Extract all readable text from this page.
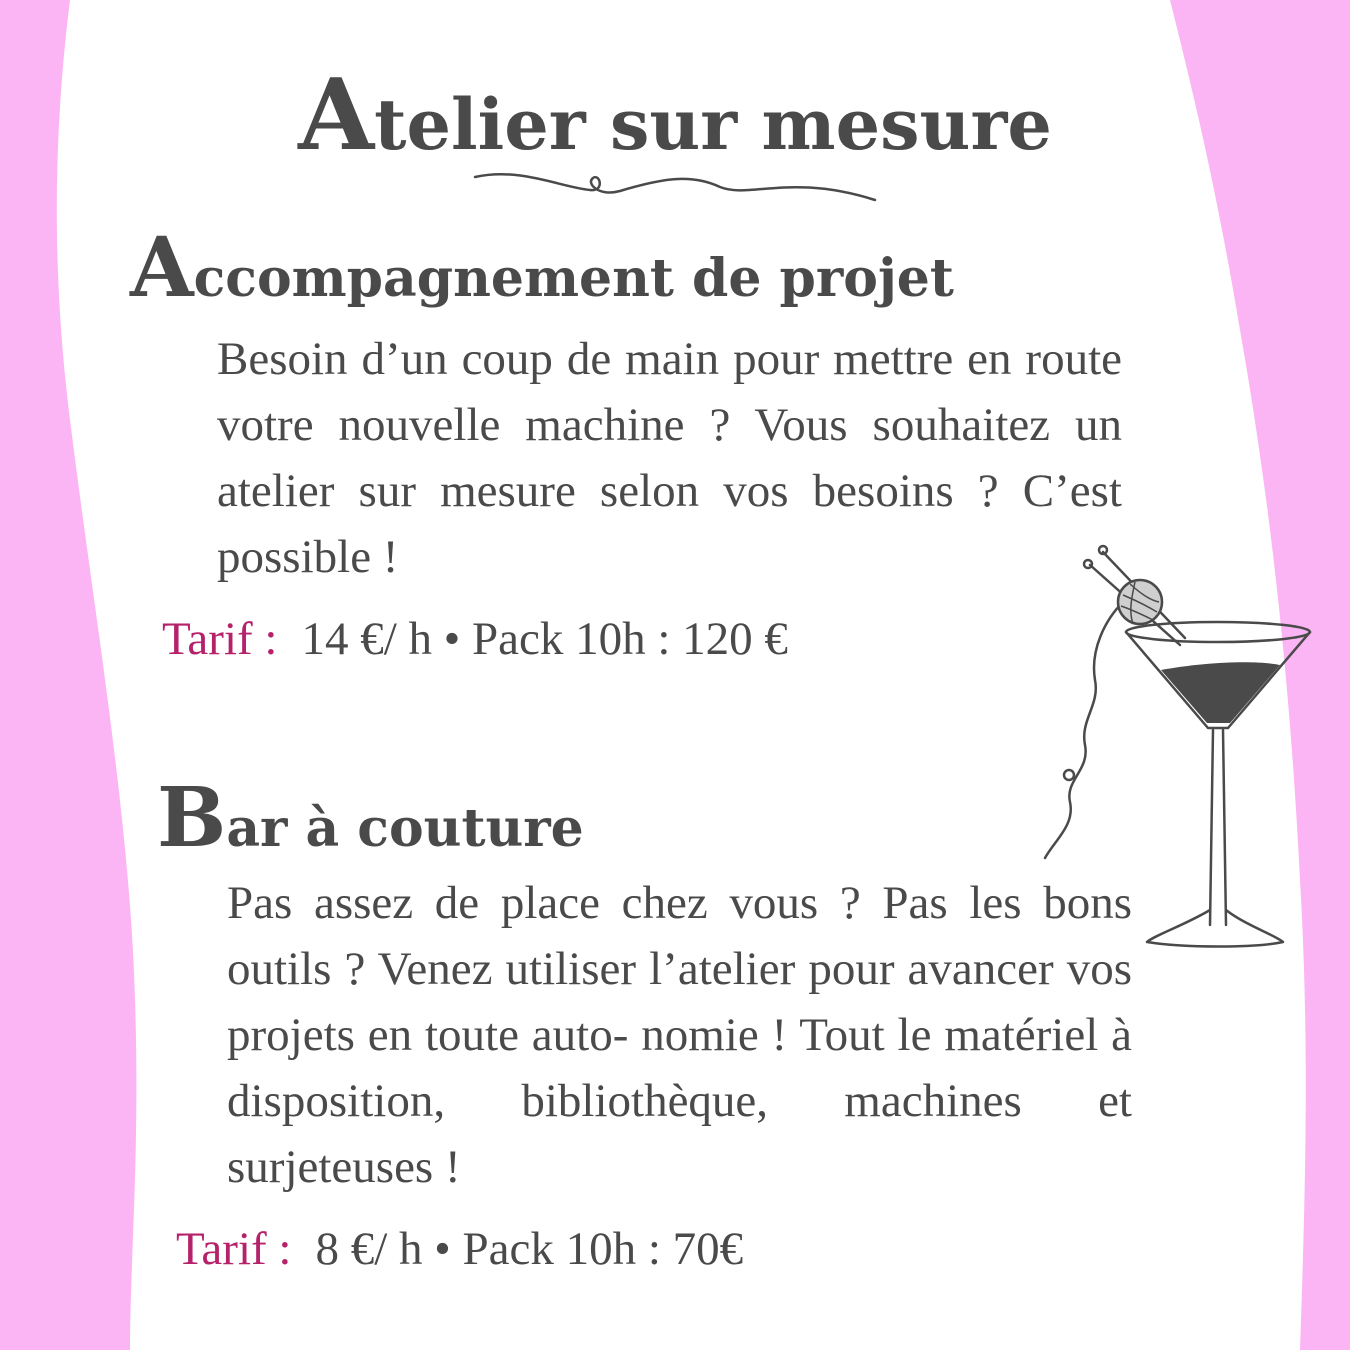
Atelier sur mesure
Accompagnement de projet

Besoin d’un coup de main pour mettre en route votre nouvelle machine ? Vous souhaitez un atelier sur mesure selon vos besoins ? C’est possible !

Tarif : 14 €/ h • Pack 10h : 120 €
Bar à couture

Pas assez de place chez vous ? Pas les bons outils ? Venez utiliser l’atelier pour avancer vos projets en toute auto- nomie ! Tout le matériel à disposition, bibliothèque, machines et surjeteuses !

Tarif : 8 €/ h • Pack 10h : 70€
